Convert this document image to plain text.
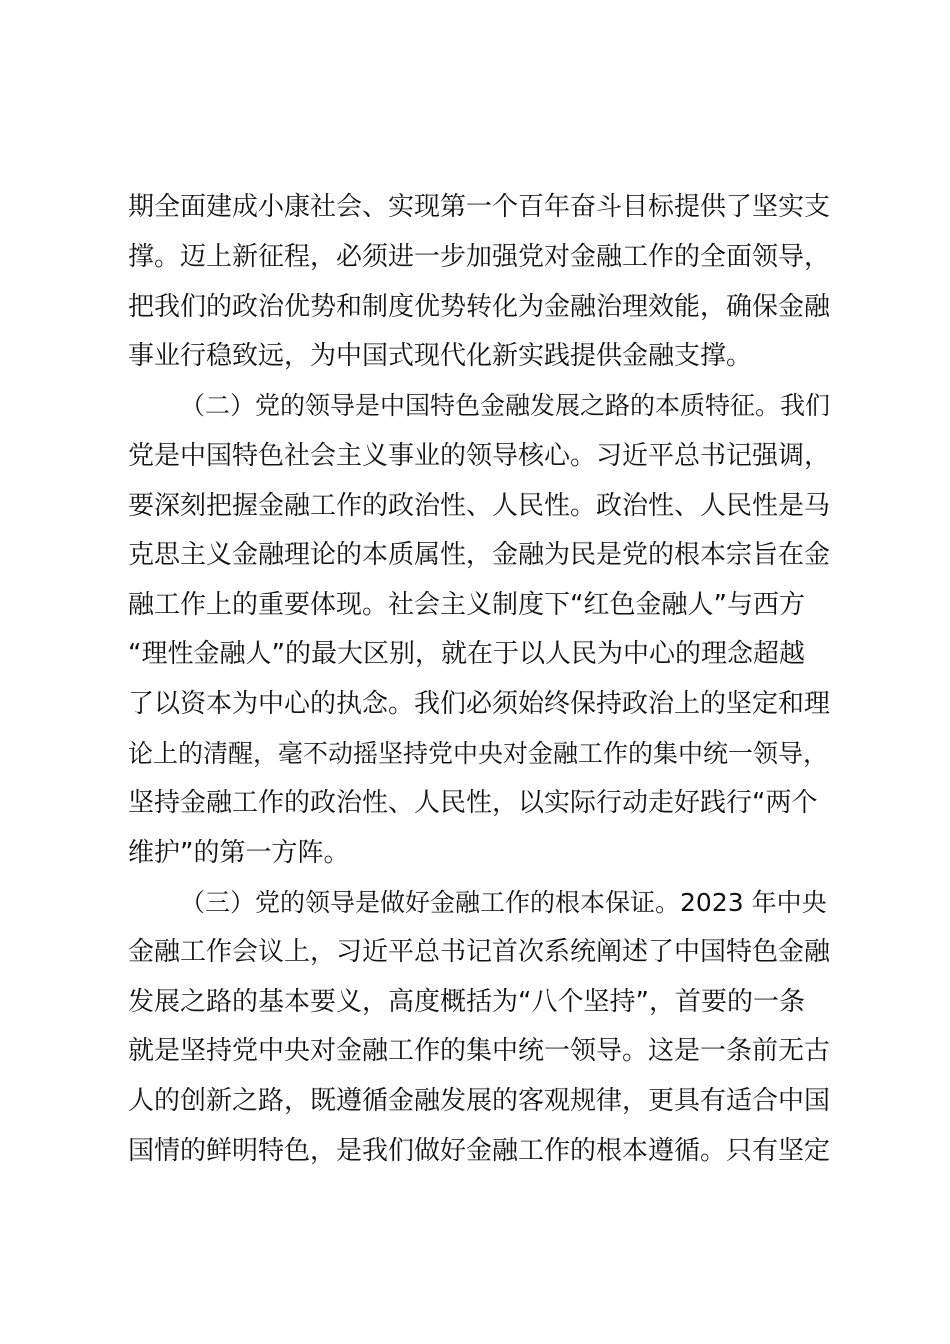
期全面建成小康社会、实现第一个百年奋斗目标提供了坚实支
撑。迈上新征程，必须进一步加强党对金融工作的全面领导，
把我们的政治优势和制度优势转化为金融治理效能，确保金融
事业行稳致远，为中国式现代化新实践提供金融支撑。
（二）党的领导是中国特色金融发展之路的本质特征。我们
党是中国特色社会主义事业的领导核心。习近平总书记强调，
要深刻把握金融工作的政治性、人民性。政治性、人民性是马
克思主义金融理论的本质属性，金融为民是党的根本宗旨在金
融工作上的重要体现。社会主义制度下“红色金融人”与西方
“理性金融人”的最大区别，就在于以人民为中心的理念超越
了以资本为中心的执念。我们必须始终保持政治上的坚定和理
论上的清醒，毫不动摇坚持党中央对金融工作的集中统一领导，
坚持金融工作的政治性、人民性，以实际行动走好践行“两个
维护”的第一方阵。
（三）党的领导是做好金融工作的根本保证。2023 年中央
金融工作会议上，习近平总书记首次系统阐述了中国特色金融
发展之路的基本要义，高度概括为“八个坚持”，首要的一条
就是坚持党中央对金融工作的集中统一领导。这是一条前无古
人的创新之路，既遵循金融发展的客观规律，更具有适合中国
国情的鲜明特色，是我们做好金融工作的根本遵循。只有坚定
